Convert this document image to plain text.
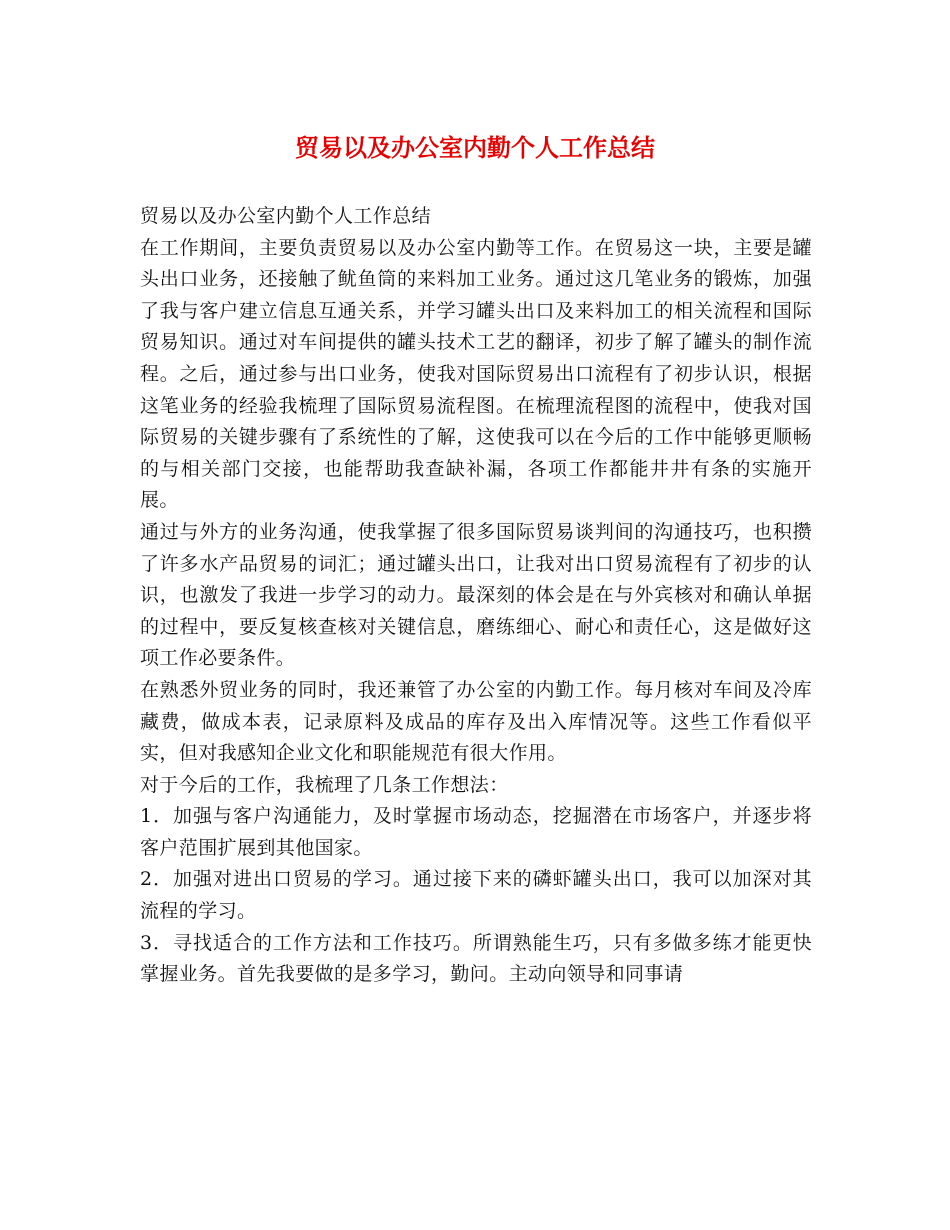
贸易以及办公室内勤个人工作总结

贸易以及办公室内勤个人工作总结

在工作期间，主要负责贸易以及办公室内勤等工作。在贸易这一块，主要是罐头出口业务，还接触了鱿鱼筒的来料加工业务。通过这几笔业务的锻炼，加强了我与客户建立信息互通关系，并学习罐头出口及来料加工的相关流程和国际贸易知识。通过对车间提供的罐头技术工艺的翻译，初步了解了罐头的制作流程。之后，通过参与出口业务，使我对国际贸易出口流程有了初步认识，根据这笔业务的经验我梳理了国际贸易流程图。在梳理流程图的流程中，使我对国际贸易的关键步骤有了系统性的了解，这使我可以在今后的工作中能够更顺畅的与相关部门交接，也能帮助我查缺补漏，各项工作都能井井有条的实施开展。

通过与外方的业务沟通，使我掌握了很多国际贸易谈判间的沟通技巧，也积攒了许多水产品贸易的词汇；通过罐头出口，让我对出口贸易流程有了初步的认识，也激发了我进一步学习的动力。最深刻的体会是在与外宾核对和确认单据的过程中，要反复核查核对关键信息，磨练细心、耐心和责任心，这是做好这项工作必要条件。

在熟悉外贸业务的同时，我还兼管了办公室的内勤工作。每月核对车间及冷库藏费，做成本表，记录原料及成品的库存及出入库情况等。这些工作看似平实，但对我感知企业文化和职能规范有很大作用。

对于今后的工作，我梳理了几条工作想法：

1．加强与客户沟通能力，及时掌握市场动态，挖掘潜在市场客户，并逐步将客户范围扩展到其他国家。

2．加强对进出口贸易的学习。通过接下来的磷虾罐头出口，我可以加深对其流程的学习。

3．寻找适合的工作方法和工作技巧。所谓熟能生巧，只有多做多练才能更快掌握业务。首先我要做的是多学习，勤问。主动向领导和同事请
